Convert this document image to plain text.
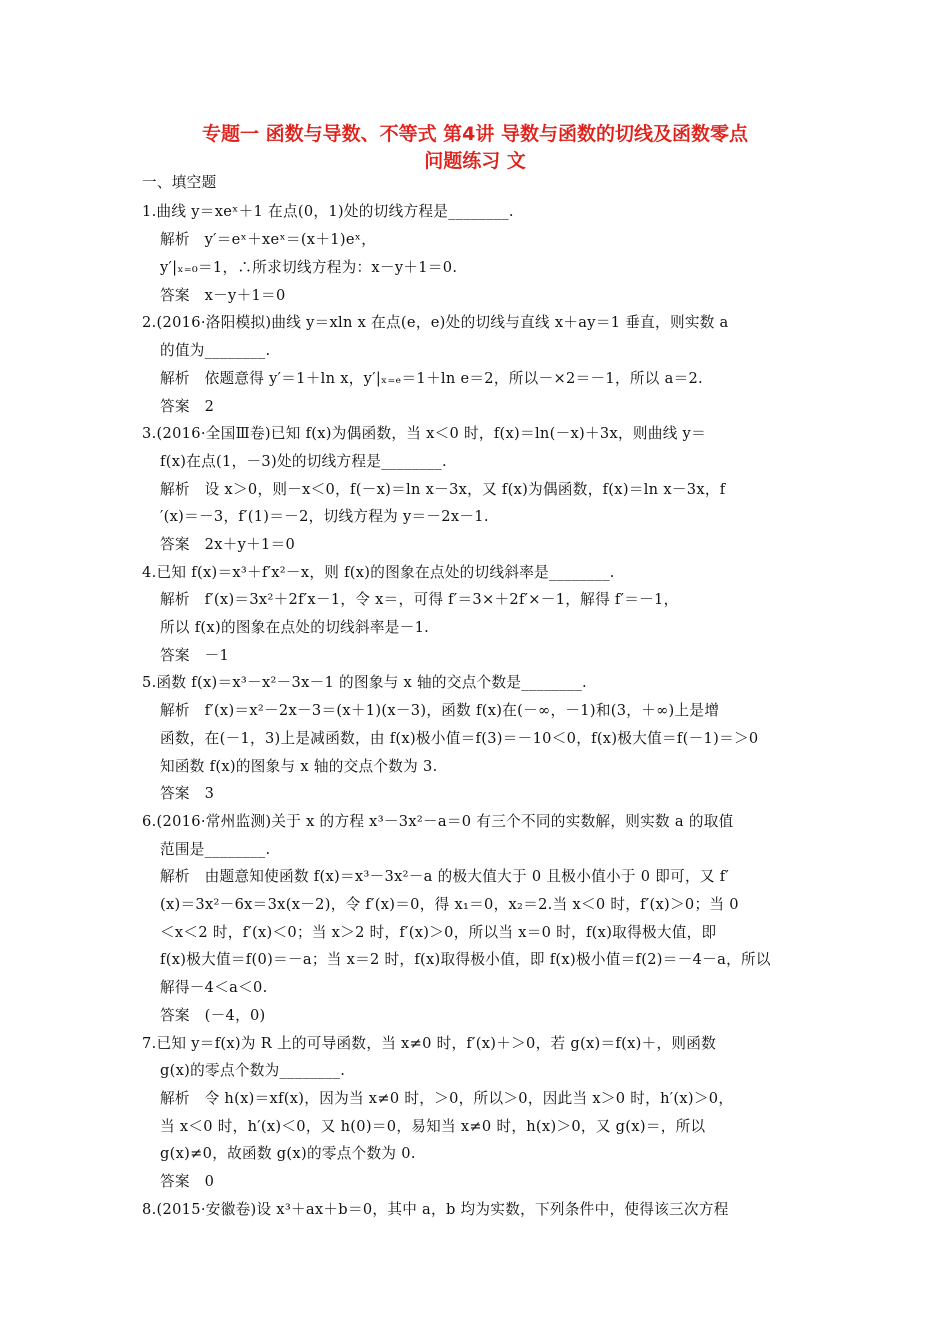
专题一 函数与导数、不等式 第4讲 导数与函数的切线及函数零点
问题练习 文
一、填空题
1.曲线 y＝xeˣ＋1 在点(0，1)处的切线方程是________.
解析   y′＝eˣ＋xeˣ＝(x＋1)eˣ，
y′|ₓ₌₀＝1，∴所求切线方程为：x－y＋1＝0.
答案   x－y＋1＝0
2.(2016·洛阳模拟)曲线 y＝xln x 在点(e，e)处的切线与直线 x＋ay＝1 垂直，则实数 a
的值为________.
解析   依题意得 y′＝1＋ln x，y′|ₓ₌ₑ＝1＋ln e＝2，所以－×2＝－1，所以 a＝2.
答案   2
3.(2016·全国Ⅲ卷)已知 f(x)为偶函数，当 x＜0 时，f(x)＝ln(－x)＋3x，则曲线 y＝
f(x)在点(1，－3)处的切线方程是________.
解析   设 x＞0，则－x＜0，f(－x)＝ln x－3x，又 f(x)为偶函数，f(x)＝ln x－3x，f
′(x)＝－3，f′(1)＝－2，切线方程为 y＝－2x－1.
答案   2x＋y＋1＝0
4.已知 f(x)＝x³＋f′x²－x，则 f(x)的图象在点处的切线斜率是________.
解析   f′(x)＝3x²＋2f′x－1，令 x＝，可得 f′＝3×＋2f′×－1，解得 f′＝－1，
所以 f(x)的图象在点处的切线斜率是－1.
答案   －1
5.函数 f(x)＝x³－x²－3x－1 的图象与 x 轴的交点个数是________.
解析   f′(x)＝x²－2x－3＝(x＋1)(x－3)，函数 f(x)在(－∞，－1)和(3，＋∞)上是增
函数，在(－1，3)上是减函数，由 f(x)极小值＝f(3)＝－10＜0，f(x)极大值＝f(－1)＝＞0
知函数 f(x)的图象与 x 轴的交点个数为 3.
答案   3
6.(2016·常州监测)关于 x 的方程 x³－3x²－a＝0 有三个不同的实数解，则实数 a 的取值
范围是________.
解析   由题意知使函数 f(x)＝x³－3x²－a 的极大值大于 0 且极小值小于 0 即可，又 f′
(x)＝3x²－6x＝3x(x－2)，令 f′(x)＝0，得 x₁＝0，x₂＝2.当 x＜0 时，f′(x)＞0；当 0
＜x＜2 时，f′(x)＜0；当 x＞2 时，f′(x)＞0，所以当 x＝0 时，f(x)取得极大值，即
f(x)极大值＝f(0)＝－a；当 x＝2 时，f(x)取得极小值，即 f(x)极小值＝f(2)＝－4－a，所以
解得－4＜a＜0.
答案   (－4，0)
7.已知 y＝f(x)为 R 上的可导函数，当 x≠0 时，f′(x)＋＞0，若 g(x)＝f(x)＋，则函数
g(x)的零点个数为________.
解析   令 h(x)＝xf(x)，因为当 x≠0 时，＞0，所以＞0，因此当 x＞0 时，h′(x)＞0，
当 x＜0 时，h′(x)＜0，又 h(0)＝0，易知当 x≠0 时，h(x)＞0，又 g(x)＝，所以
g(x)≠0，故函数 g(x)的零点个数为 0.
答案   0
8.(2015·安徽卷)设 x³＋ax＋b＝0，其中 a，b 均为实数，下列条件中，使得该三次方程
